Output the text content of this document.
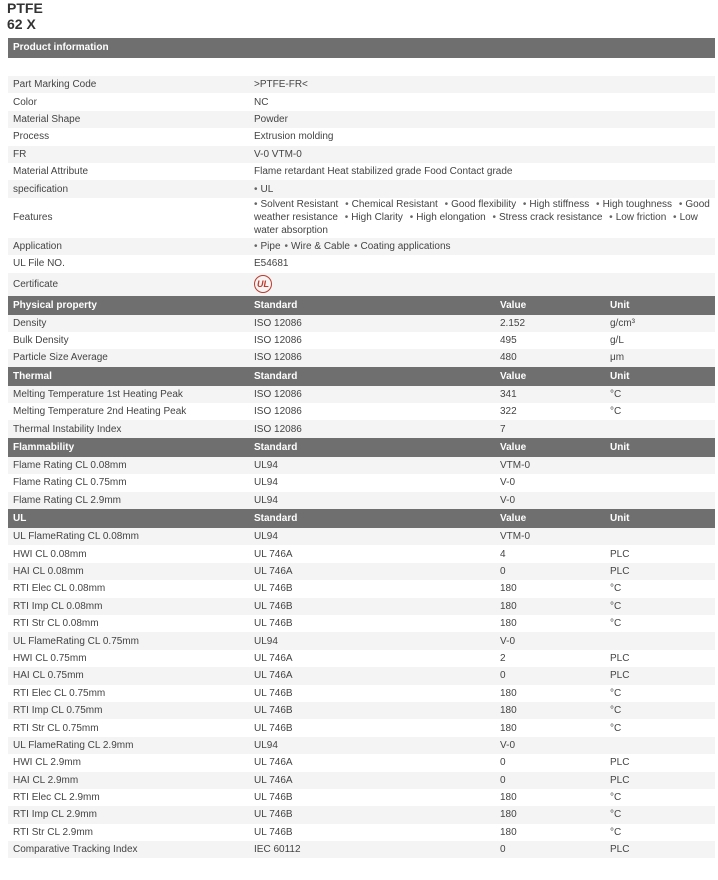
PTFE
62 X
Product information
Part Marking Code	>PTFE-FR<		
Color	NC		
Material Shape	Powder		
Process	Extrusion molding		
FR	V-0 VTM-0		
Material Attribute	Flame retardant Heat stabilized grade Food Contact grade		
specification	• UL		
Features	• Solvent Resistant • Chemical Resistant • Good flexibility • High stiffness • High toughness • Good weather resistance • High Clarity • High elongation • Stress crack resistance • Low friction • Low water absorption		

Application	• Pipe • Wire & Cable • Coating applications		
UL File NO.	E54681		
Certificate	UL		

Physical property	Standard	Value	Unit
Density	ISO 12086	2.152	g/cm³
Bulk Density	ISO 12086	495	g/L
Particle Size Average	ISO 12086	480	μm
Thermal	Standard	Value	Unit
Melting Temperature 1st Heating Peak	ISO 12086	341	°C
Melting Temperature 2nd Heating Peak	ISO 12086	322	°C
Thermal Instability Index	ISO 12086	7	
Flammability	Standard	Value	Unit
Flame Rating CL 0.08mm	UL94	VTM-0	
Flame Rating CL 0.75mm	UL94	V-0	
Flame Rating CL 2.9mm	UL94	V-0	
UL	Standard	Value	Unit
UL FlameRating CL 0.08mm	UL94	VTM-0	
HWI CL 0.08mm	UL 746A	4	PLC
HAI CL 0.08mm	UL 746A	0	PLC
RTI Elec CL 0.08mm	UL 746B	180	°C
RTI Imp CL 0.08mm	UL 746B	180	°C
RTI Str CL 0.08mm	UL 746B	180	°C
UL FlameRating CL 0.75mm	UL94	V-0	
HWI CL 0.75mm	UL 746A	2	PLC
HAI CL 0.75mm	UL 746A	0	PLC
RTI Elec CL 0.75mm	UL 746B	180	°C
RTI Imp CL 0.75mm	UL 746B	180	°C
RTI Str CL 0.75mm	UL 746B	180	°C
UL FlameRating CL 2.9mm	UL94	V-0	
HWI CL 2.9mm	UL 746A	0	PLC
HAI CL 2.9mm	UL 746A	0	PLC
RTI Elec CL 2.9mm	UL 746B	180	°C
RTI Imp CL 2.9mm	UL 746B	180	°C
RTI Str CL 2.9mm	UL 746B	180	°C
Comparative Tracking Index	IEC 60112	0	PLC
